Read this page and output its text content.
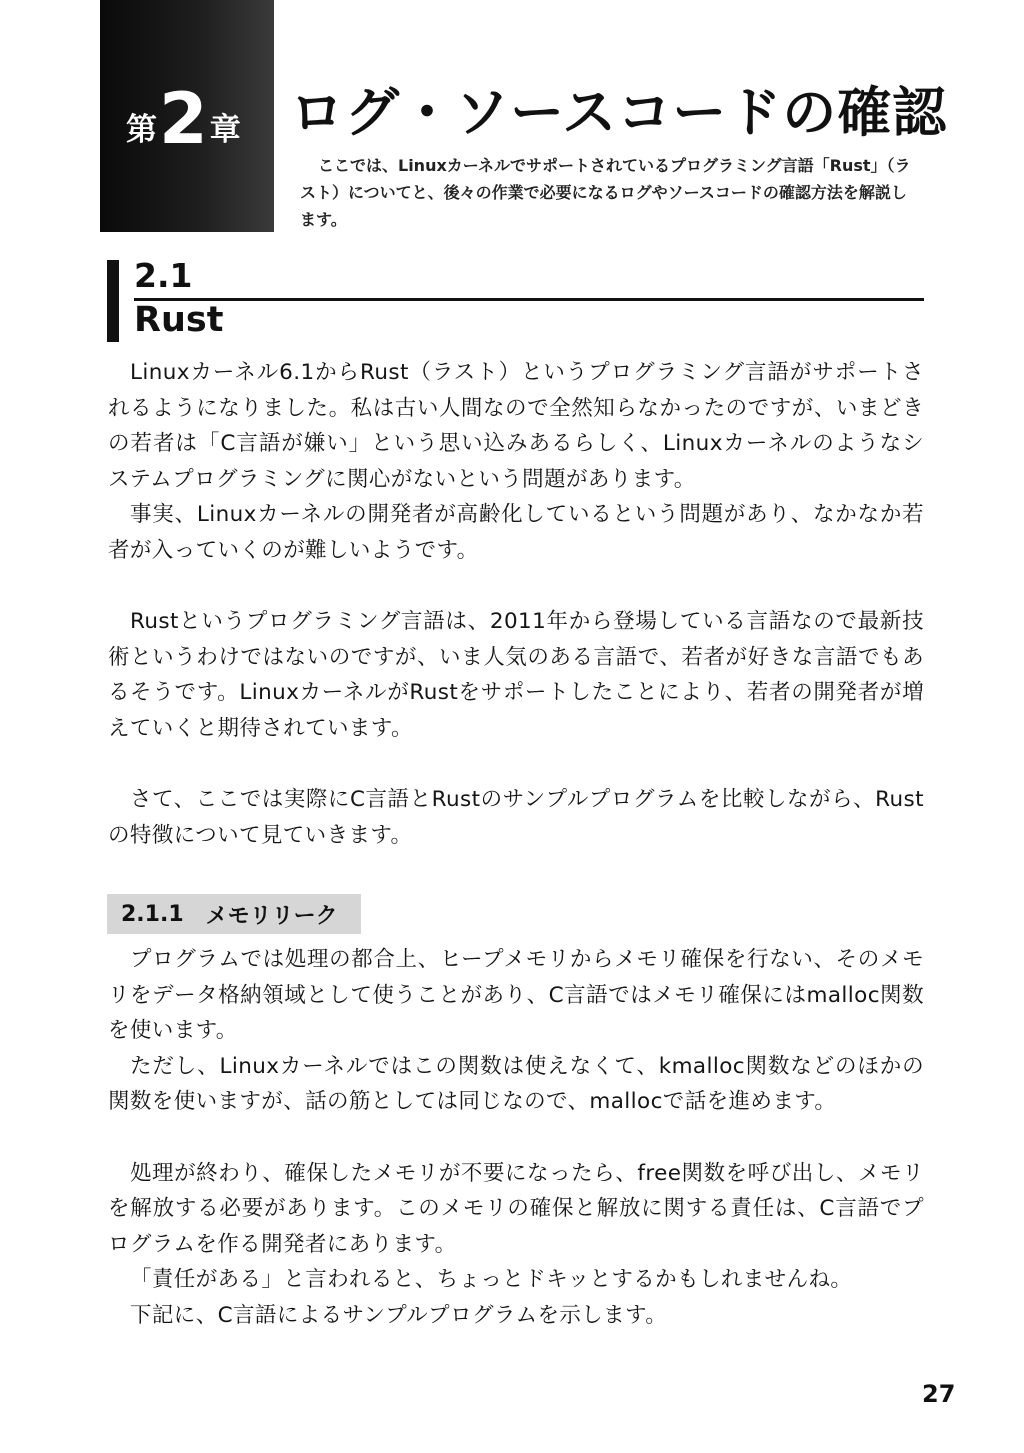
第 2 章 ログ・ソースコードの確認
ここでは、Linuxカーネルでサポートされているプログラミング言語「Rust」（ラスト）についてと、後々の作業で必要になるログやソースコードの確認方法を解説します。
2.1
Rust

Linuxカーネル6.1からRust（ラスト）というプログラミング言語がサポートされるようになりました。私は古い人間なので全然知らなかったのですが、いまどきの若者は「C言語が嫌い」という思い込みあるらしく、Linuxカーネルのようなシステムプログラミングに関心がないという問題があります。

事実、Linuxカーネルの開発者が高齢化しているという問題があり、なかなか若者が入っていくのが難しいようです。

Rustというプログラミング言語は、2011年から登場している言語なので最新技術というわけではないのですが、いま人気のある言語で、若者が好きな言語でもあるそうです。LinuxカーネルがRustをサポートしたことにより、若者の開発者が増えていくと期待されています。

さて、ここでは実際にC言語とRustのサンプルプログラムを比較しながら、Rustの特徴について見ていきます。

2.1.1 メモリリーク

プログラムでは処理の都合上、ヒープメモリからメモリ確保を行ない、そのメモリをデータ格納領域として使うことがあり、C言語ではメモリ確保にはmalloc関数を使います。

ただし、Linuxカーネルではこの関数は使えなくて、kmalloc関数などのほかの関数を使いますが、話の筋としては同じなので、mallocで話を進めます。

処理が終わり、確保したメモリが不要になったら、free関数を呼び出し、メモリを解放する必要があります。このメモリの確保と解放に関する責任は、C言語でプログラムを作る開発者にあります。

「責任がある」と言われると、ちょっとドキッとするかもしれませんね。

下記に、C言語によるサンプルプログラムを示します。

27
